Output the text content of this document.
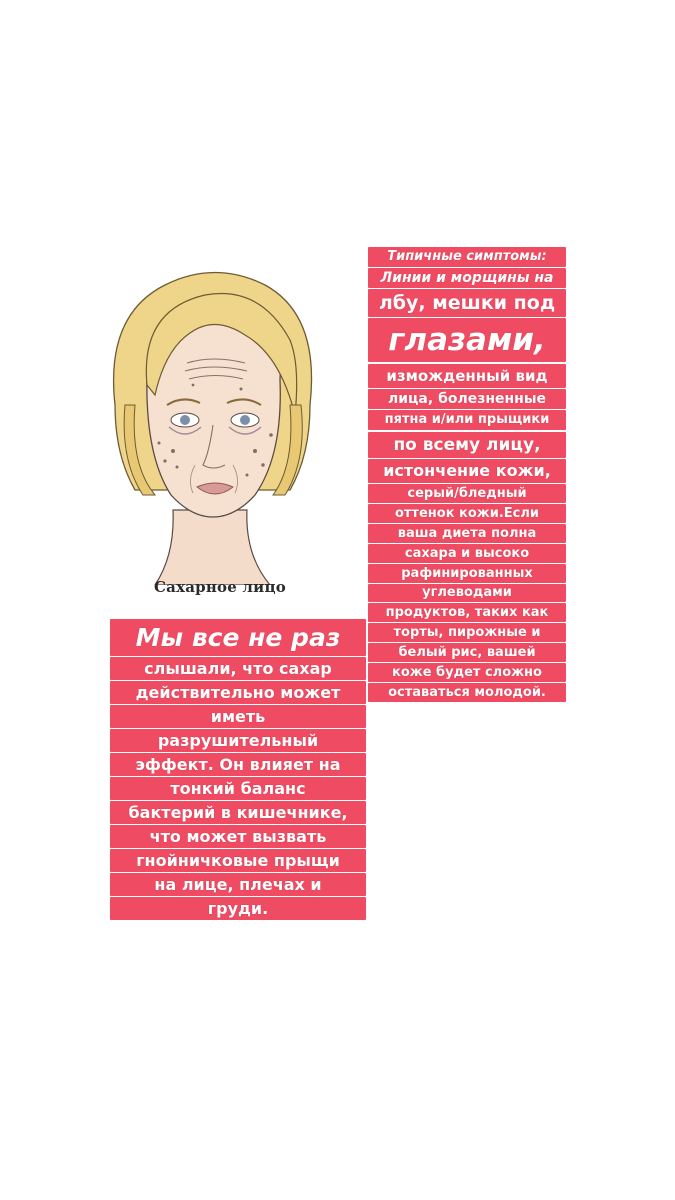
Сахарное лицо
Типичные симптомы:
Линии и морщины на
лбу, мешки под
глазами,
изможденный вид
лица, болезненные
пятна и/или прыщики
по всему лицу,
истончение кожи,
серый/бледный
оттенок кожи.Если
ваша диета полна
сахара и высоко
рафинированных
углеводами
продуктов, таких как
торты, пирожные и
белый рис, вашей
коже будет сложно
оставаться молодой.
Мы все не раз
слышали, что сахар
действительно может
иметь
разрушительный
эффект. Он влияет на
тонкий баланс
бактерий в кишечнике,
что может вызвать
гнойничковые прыщи
на лице, плечах и
груди.
